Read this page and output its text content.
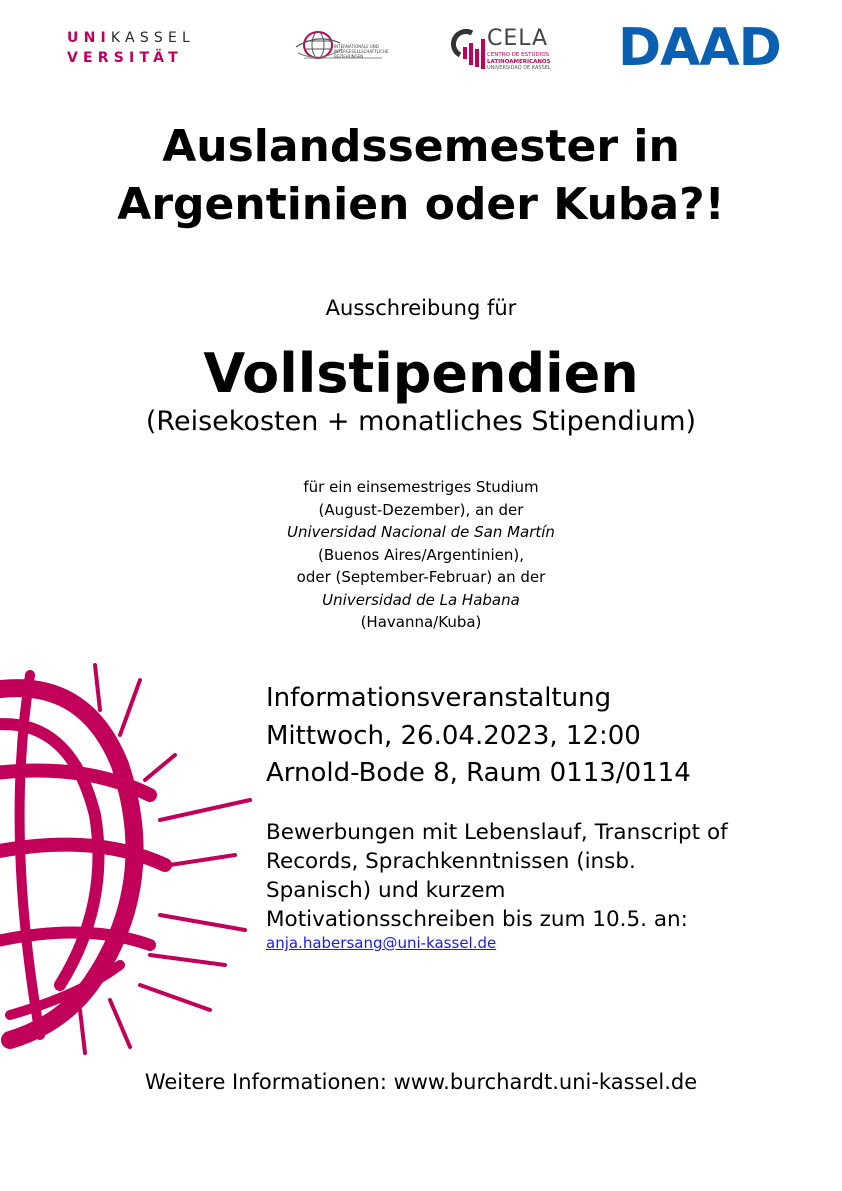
UNIKASSEL
VERSITÄT
INTERNATIONALE UND INTERGESELLSCHAFTLICHE BEZIEHUNGEN
CELA
CENTRO DE ESTUDIOS
LATINOAMERICANOS
UNIVERSIDAD DE KASSEL DAAD
Auslandssemester in
Argentinien oder Kuba?!
Ausschreibung für
Vollstipendien
(Reisekosten + monatliches Stipendium)
für ein einsemestriges Studium
(August-Dezember), an der
Universidad Nacional de San Martín
(Buenos Aires/Argentinien),
oder (September-Februar) an der
Universidad de La Habana
(Havanna/Kuba)
Informationsveranstaltung
Mittwoch, 26.04.2023, 12:00
Arnold-Bode 8, Raum 0113/0114
Bewerbungen mit Lebenslauf, Transcript of
Records, Sprachkenntnissen (insb.
Spanisch) und kurzem
Motivationsschreiben bis zum 10.5. an:
anja.habersang@uni-kassel.de
Weitere Informationen: www.burchardt.uni-kassel.de
